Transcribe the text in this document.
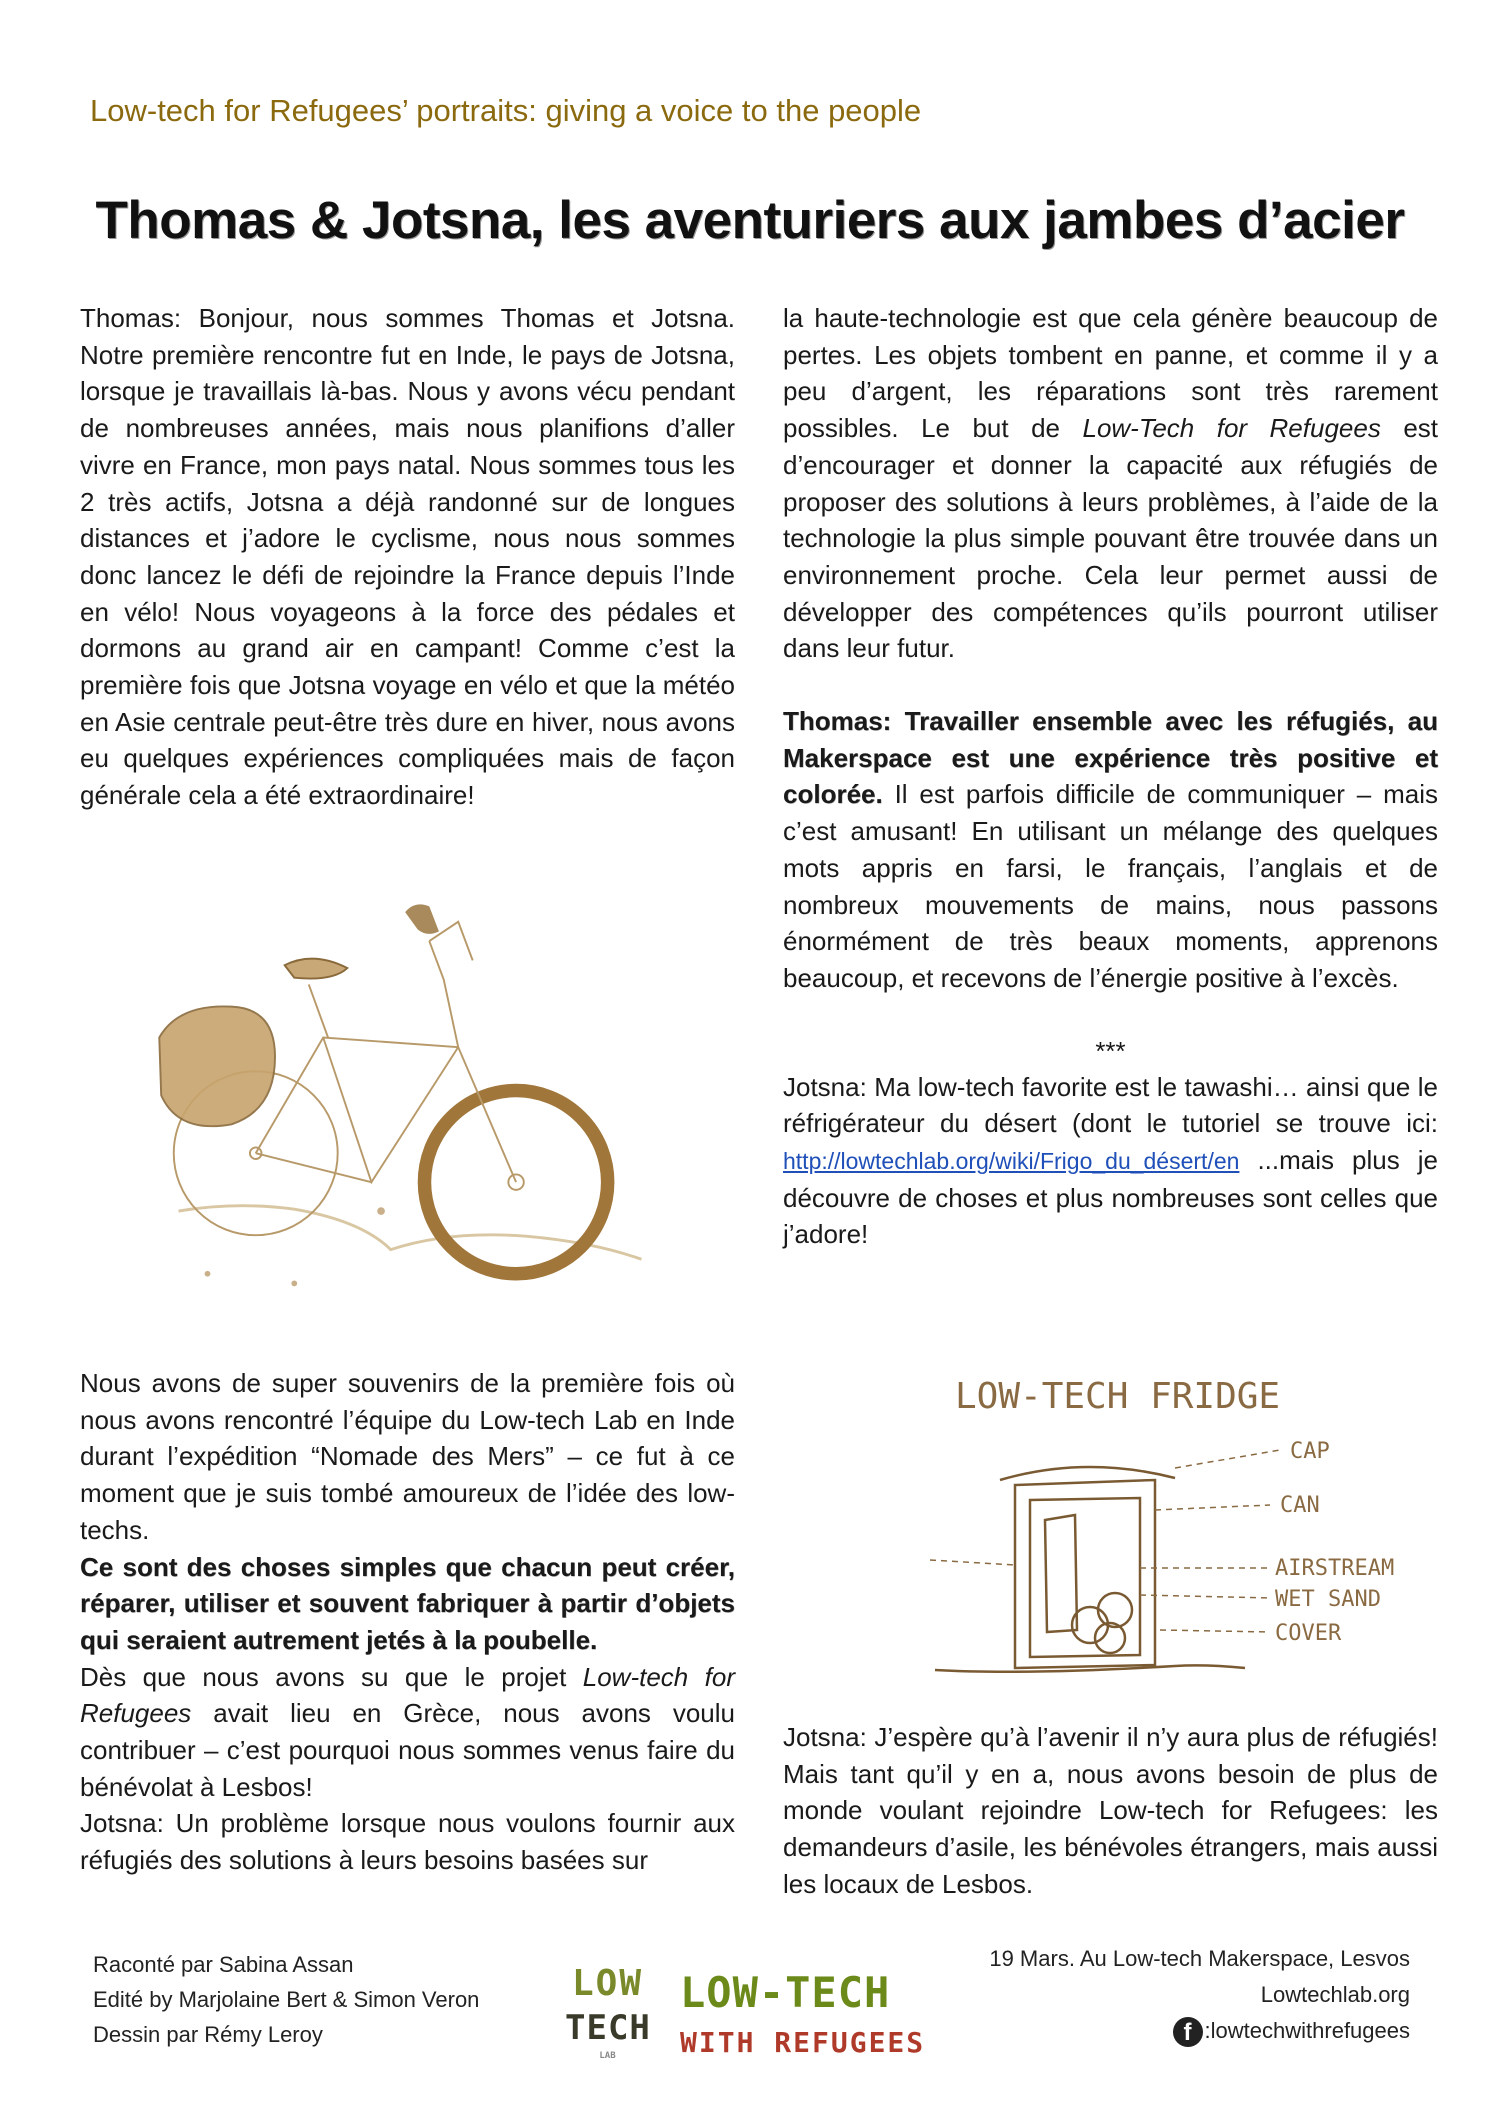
Low-tech for Refugees’ portraits: giving a voice to the people
Thomas & Jotsna, les aventuriers aux jambes d’acier

Thomas: Bonjour, nous sommes Thomas et Jotsna. Notre première rencontre fut en Inde, le pays de Jotsna, lorsque je travaillais là-bas. Nous y avons vécu pendant de nombreuses années, mais nous planifions d’aller vivre en France, mon pays natal. Nous sommes tous les 2 très actifs, Jotsna a déjà randonné sur de longues distances et j’adore le cyclisme, nous nous sommes donc lancez le défi de rejoindre la France depuis l’Inde en vélo! Nous voyageons à la force des pédales et dormons au grand air en campant! Comme c’est la première fois que Jotsna voyage en vélo et que la météo en Asie centrale peut-être très dure en hiver, nous avons eu quelques expériences compliquées mais de façon générale cela a été extraordinaire!

Nous avons de super souvenirs de la première fois où nous avons rencontré l’équipe du Low-tech Lab en Inde durant l’expédition “Nomade des Mers” – ce fut à ce moment que je suis tombé amoureux de l’idée des low-techs.

Ce sont des choses simples que chacun peut créer, réparer, utiliser et souvent fabriquer à partir d’objets qui seraient autrement jetés à la poubelle.

Dès que nous avons su que le projet Low-tech for Refugees avait lieu en Grèce, nous avons voulu contribuer – c’est pourquoi nous sommes venus faire du bénévolat à Lesbos!

Jotsna: Un problème lorsque nous voulons fournir aux réfugiés des solutions à leurs besoins basées sur

la haute-technologie est que cela génère beaucoup de pertes. Les objets tombent en panne, et comme il y a peu d’argent, les réparations sont très rarement possibles. Le but de Low-Tech for Refugees est d’encourager et donner la capacité aux réfugiés de proposer des solutions à leurs problèmes, à l’aide de la technologie la plus simple pouvant être trouvée dans un environnement proche. Cela leur permet aussi de développer des compétences qu’ils pourront utiliser dans leur futur.

Thomas: Travailler ensemble avec les réfugiés, au Makerspace est une expérience très positive et colorée. Il est parfois difficile de communiquer – mais c’est amusant! En utilisant un mélange des quelques mots appris en farsi, le français, l’anglais et de nombreux mouvements de mains, nous passons énormément de très beaux moments, apprenons beaucoup, et recevons de l’énergie positive à l’excès.

***

Jotsna: Ma low-tech favorite est le tawashi… ainsi que le réfrigérateur du désert (dont le tutoriel se trouve ici: http://lowtechlab.org/wiki/Frigo_du_désert/en ...mais plus je découvre de choses et plus nombreuses sont celles que j’adore!

LOW-TECH FRIDGE
CAP
CAN
AIRSTREAM
WET SAND
COVER

Jotsna: J’espère qu’à l’avenir il n’y aura plus de réfugiés! Mais tant qu’il y en a, nous avons besoin de plus de monde voulant rejoindre Low-tech for Refugees: les demandeurs d’asile, les bénévoles étrangers, mais aussi les locaux de Lesbos.

Raconté par Sabina Assan
Edité by Marjolaine Bert & Simon Veron
Dessin par Rémy Leroy
LOW
TECH
LAB
LOW-TECH
WITH REFUGEES
19 Mars. Au Low-tech Makerspace, Lesvos
Lowtechlab.org
f :lowtechwithrefugees
